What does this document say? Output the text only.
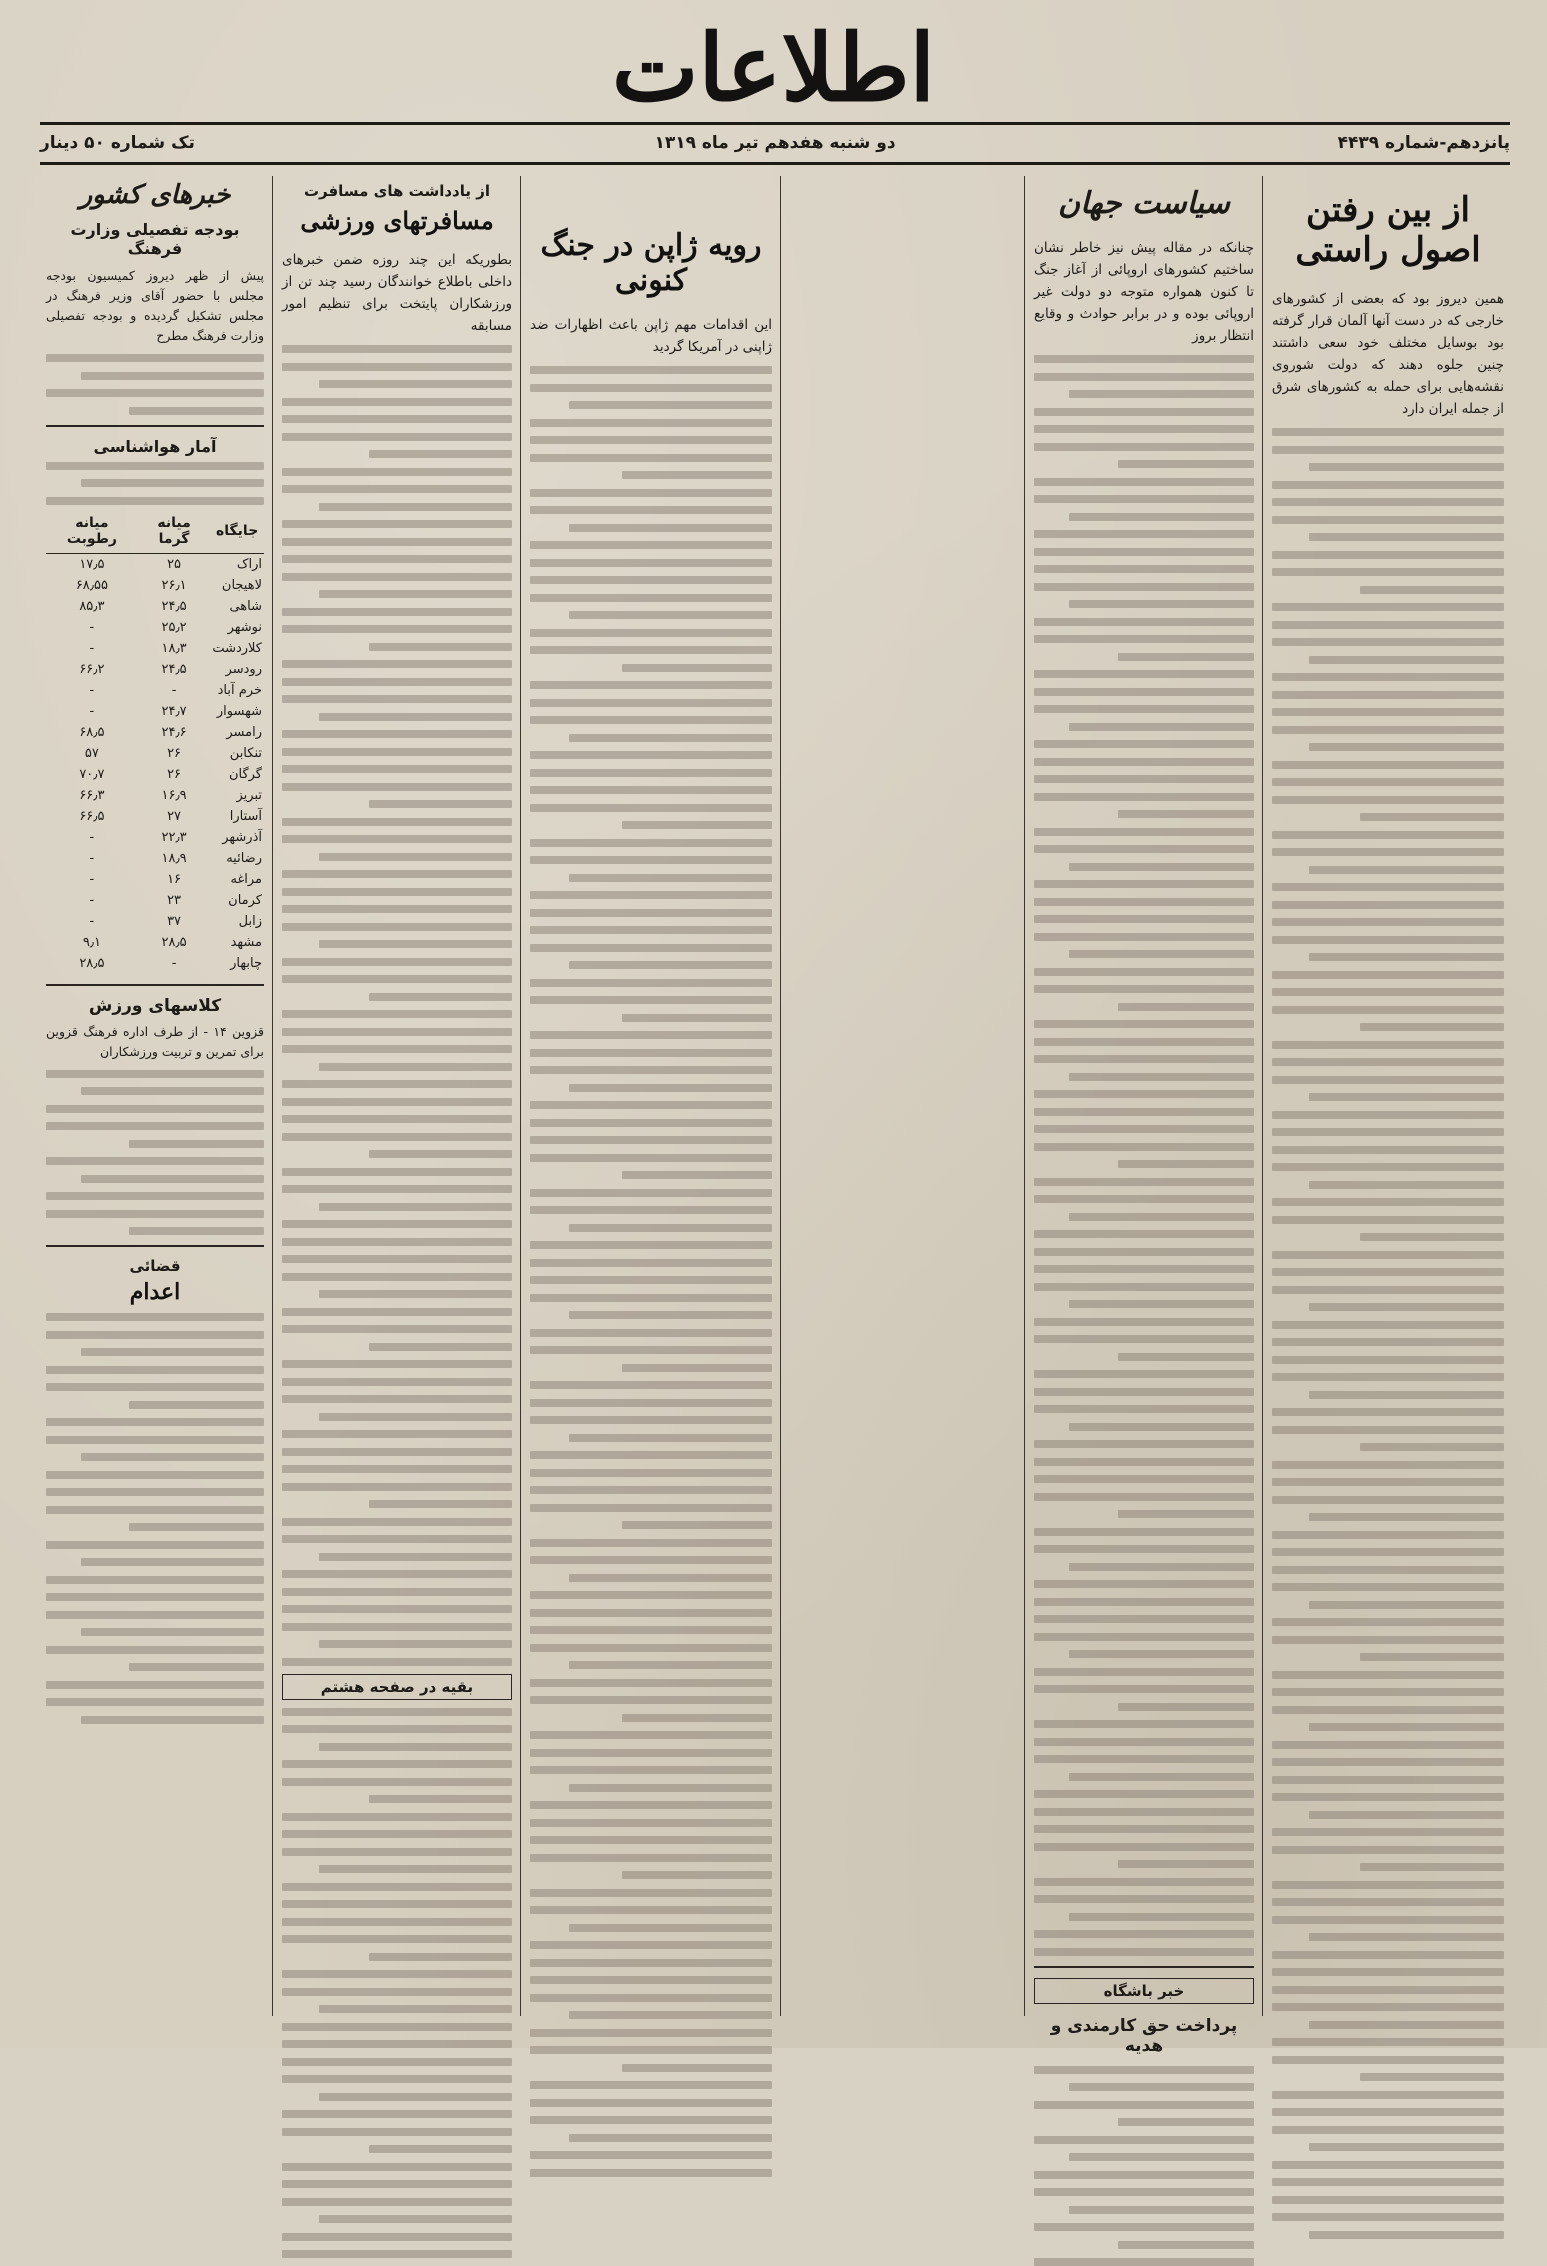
اطلاعات
پانزدهم-شماره ۴۴۳۹
دو شنبه هفدهم تیر ماه ۱۳۱۹
تک شماره ۵۰ دینار
از بین رفتن اصول راستی
همین دیروز بود که بعضی از کشورهای خارجی که در دست آنها آلمان قرار گرفته بود بوسایل مختلف خود سعی داشتند چنین جلوه دهند که دولت شوروی نقشه‌هایی برای حمله به کشورهای شرق از جمله ایران دارد
سیاست جهان
چنانکه در مقاله پیش نیز خاطر نشان ساختیم کشورهای اروپائی از آغاز جنگ تا کنون همواره متوجه دو دولت غیر اروپائی بوده و در برابر حوادث و وقایع انتظار بروز
خبر باشگاه
پرداخت حق کارمندی و هدیه
رویه ژاپن در جنگ کنونی
این اقدامات مهم ژاپن باعث اظهارات ضد ژاپنی در آمریکا گردید
از یادداشت های مسافرت
مسافرتهای ورزشی
بطوریکه این چند روزه ضمن خبرهای داخلی باطلاع خوانندگان رسید چند تن از ورزشکاران پایتخت برای تنظیم امور مسابقه
بقیه در صفحه هشتم
خبرهای کشور
بودجه تفصیلی وزارت فرهنگ
پیش از ظهر دیروز کمیسیون بودجه مجلس با حضور آقای وزیر فرهنگ در مجلس تشکیل گردیده و بودجه تفصیلی وزارت فرهنگ مطرح
آمار هواشناسی
جایگاه	میانه گرما	میانه رطوبت
اراک	۲۵	۱۷٫۵
لاهیجان	۲۶٫۱	۶۸٫۵۵
شاهی	۲۴٫۵	۸۵٫۳
نوشهر	۲۵٫۲	-
کلاردشت	۱۸٫۳	-
رودسر	۲۴٫۵	۶۶٫۲
خرم آباد	-	-
شهسوار	۲۴٫۷	-
رامسر	۲۴٫۶	۶۸٫۵
تنکابن	۲۶	۵۷
گرگان	۲۶	۷۰٫۷
تبریز	۱۶٫۹	۶۶٫۳
آستارا	۲۷	۶۶٫۵
آذرشهر	۲۲٫۳	-
رضائیه	۱۸٫۹	-
مراغه	۱۶	-
کرمان	۲۳	-
زابل	۳۷	-
مشهد	۲۸٫۵	۹٫۱
چابهار	-	۲۸٫۵
کلاسهای ورزش
قزوین ۱۴ - از طرف اداره فرهنگ قزوین برای تمرین و تربیت ورزشکاران
قضائی
اعدام
